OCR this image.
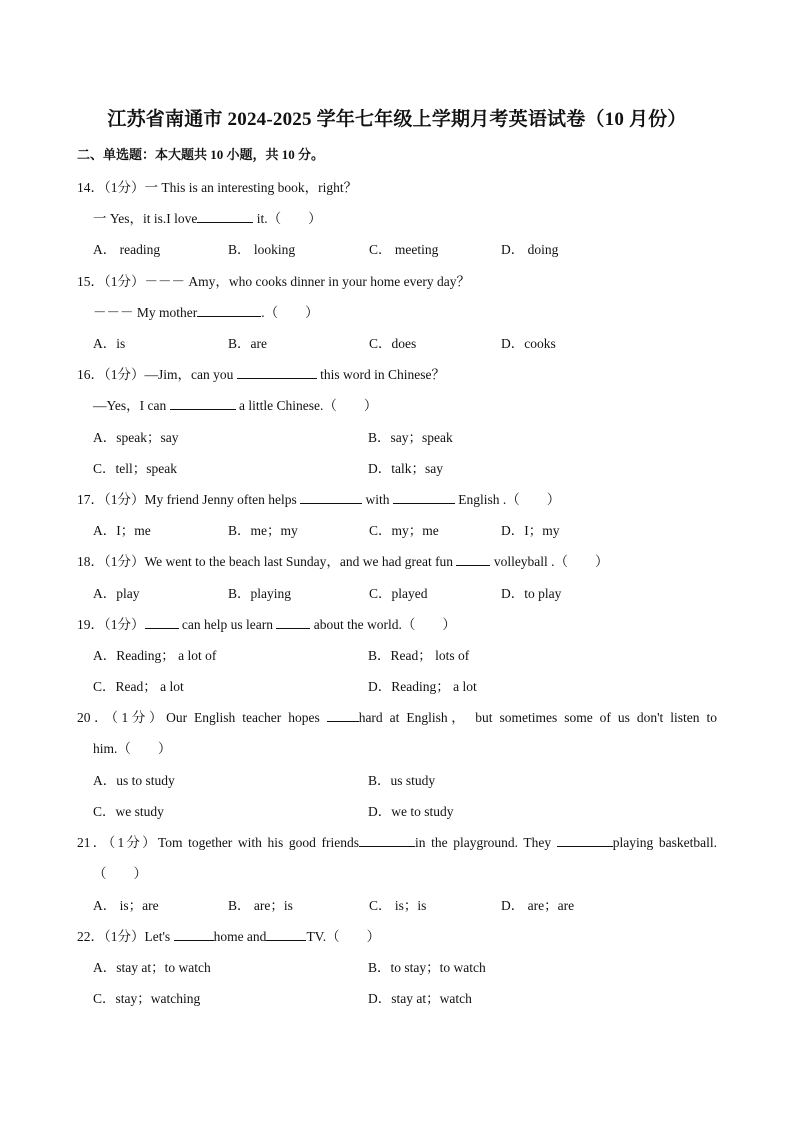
江苏省南通市 2024-2025 学年七年级上学期月考英语试卷（10 月份）
二、单选题：本大题共 10 小题，共 10 分。
14．（1分）一 This is an interesting book，right？
一 Yes，it is.I love	it.（　　）
A． reading	B． looking	C． meeting	D． doing
15．（1分）－－－ Amy，who cooks dinner in your home every day？
－－－ My mother	.（　　）
A．is	B．are	C．does	D．cooks
16．（1分）—Jim，can you	this word in Chinese？
—Yes，I can	a little Chinese.（　　）
A．speak；say	B．say；speak
C．tell；speak	D．talk；say
17．（1分）My friend Jenny often helps	with	English .（　　）
A．I；me	B．me；my	C．my；me	D．I；my
18．（1分）We went to the beach last Sunday，and we had great fun	volleyball .（　　）
A．play	B．playing	C．played	D．to play
19．（1分）	can help us learn	about the world.（　　）
A．Reading； a lot of	B．Read； lots of
C．Read； a lot	D．Reading； a lot
20．（1分）Our English teacher hopes	hard at English， but sometimes some of us don't listen to
him.（　　）
A．us to study	B．us study
C．we study	D．we to study
21．（1分）Tom together with his good friends	in the playground. They	playing basketball.
（　　）
A． is；are	B． are；is	C． is；is	D． are；are
22．（1分）Let's	home and	TV.（　　）
A．stay at；to watch	B．to stay；to watch
C．stay；watching	D．stay at；watch
